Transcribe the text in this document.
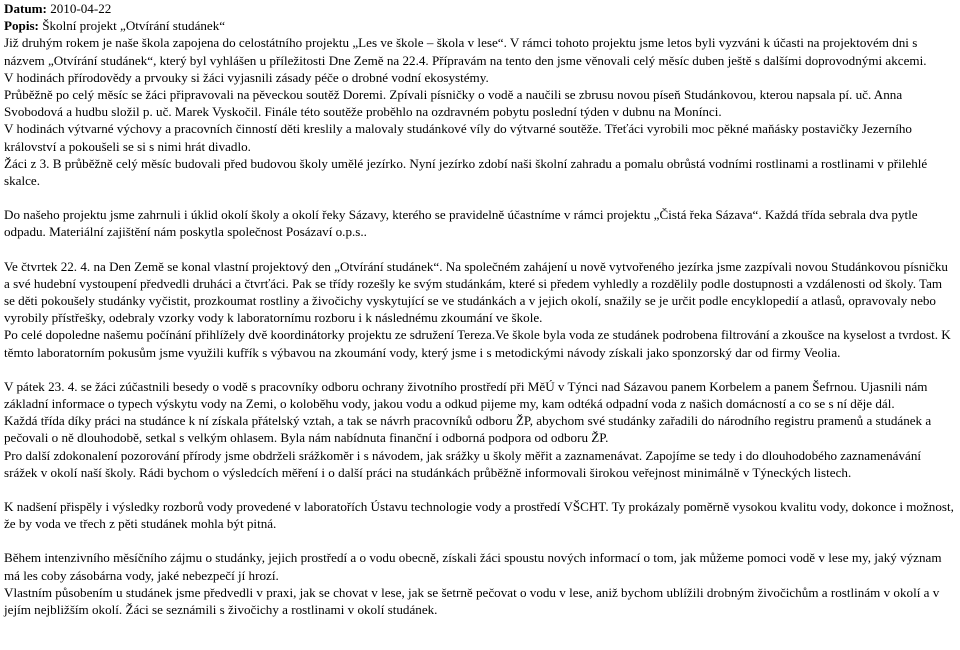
Datum: 2010-04-22
Popis: Školní projekt „Otvírání studánek“
Již druhým rokem je naše škola zapojena do celostátního projektu „Les ve škole – škola v lese“. V rámci tohoto projektu jsme letos byli vyzváni k účasti na projektovém dni s názvem „Otvírání studánek“, který byl vyhlášen u příležitosti Dne Země na 22.4. Přípravám na tento den jsme věnovali celý měsíc duben ještě s dalšími doprovodnými akcemi.
V hodinách přírodovědy a prvouky si žáci vyjasnili zásady péče o drobné vodní ekosystémy.
Průběžně po celý měsíc se žáci připravovali na pěveckou soutěž Doremi. Zpívali písničky o vodě a naučili se zbrusu novou píseň Studánkovou, kterou napsala pí. uč. Anna Svobodová a hudbu složil p. uč. Marek Vyskočil. Finále této soutěže proběhlo na ozdravném pobytu poslední týden v dubnu na Monínci.
V hodinách výtvarné výchovy a pracovních činností děti kreslily a malovaly studánkové víly do výtvarné soutěže. Třeťáci vyrobili moc pěkné maňásky postavičky Jezerního království a pokoušeli se si s nimi hrát divadlo.
Žáci z 3. B průběžně celý měsíc budovali před budovou školy umělé jezírko. Nyní jezírko zdobí naši školní zahradu a pomalu obrůstá vodními rostlinami a rostlinami v přilehlé skalce.
Do našeho projektu jsme zahrnuli i úklid okolí školy a okolí řeky Sázavy, kterého se pravidelně účastníme v rámci projektu „Čistá řeka Sázava“. Každá třída sebrala dva pytle odpadu. Materiální zajištění nám poskytla společnost Posázaví o.p.s..
Ve čtvrtek 22. 4. na Den Země se konal vlastní projektový den „Otvírání studánek“. Na společném zahájení u nově vytvořeného jezírka jsme zazpívali novou Studánkovou písničku a své hudební vystoupení předvedli druháci a čtvrťáci. Pak se třídy rozešly ke svým studánkám, které si předem vyhledly a rozdělily podle dostupnosti a vzdálenosti od školy. Tam se děti pokoušely studánky vyčistit, prozkoumat rostliny a živočichy vyskytující se ve studánkách a v jejich okolí, snažily se je určit podle encyklopedií a atlasů, opravovaly nebo vyrobily přístřešky, odebraly vzorky vody k laboratornímu rozboru i k následnému zkoumání ve škole.
Po celé dopoledne našemu počínání přihlížely dvě koordinátorky projektu ze sdružení Tereza.Ve škole byla voda ze studánek podrobena filtrování a zkoušce na kyselost a tvrdost. K těmto laboratorním pokusům jsme využili kufřík s výbavou na zkoumání vody, který jsme i s metodickými návody získali jako sponzorský dar od firmy Veolia.
V pátek 23. 4. se žáci zúčastnili besedy o vodě s pracovníky odboru ochrany životního prostředí při MěÚ v Týnci nad Sázavou panem Korbelem a panem Šefrnou. Ujasnili nám základní informace o typech výskytu vody na Zemi, o koloběhu vody, jakou vodu a odkud pijeme my, kam odtéká odpadní voda z našich domácností a co se s ní děje dál.
Každá třída díky práci na studánce k ní získala přátelský vztah, a tak se návrh pracovníků odboru ŽP, abychom své studánky zařadili do národního registru pramenů a studánek a pečovali o ně dlouhodobě, setkal s velkým ohlasem. Byla nám nabídnuta finanční i odborná podpora od odboru ŽP.
Pro další zdokonalení pozorování přírody jsme obdrželi srážkoměr i s návodem, jak srážky u školy měřit a zaznamenávat. Zapojíme se tedy i do dlouhodobého zaznamenávání srážek v okolí naší školy. Rádi bychom o výsledcích měření i o další práci na studánkách průběžně informovali širokou veřejnost minimálně v Týneckých listech.
K nadšení přispěly i výsledky rozborů vody provedené v laboratořích Ústavu technologie vody a prostředí VŠCHT. Ty prokázaly poměrně vysokou kvalitu vody, dokonce i možnost, že by voda ve třech z pěti studánek mohla být pitná.
Během intenzivního měsíčního zájmu o studánky, jejich prostředí a o vodu obecně, získali žáci spoustu nových informací o tom, jak můžeme pomoci vodě v lese my, jaký význam má les coby zásobárna vody, jaké nebezpečí jí hrozí.
Vlastním působením u studánek jsme předvedli v praxi, jak se chovat v lese, jak se šetrně pečovat o vodu v lese, aniž bychom ublížili drobným živočichům a rostlinám v okolí a v jejím nejbližším okolí. Žáci se seznámili s živočichy a rostlinami v okolí studánek.
